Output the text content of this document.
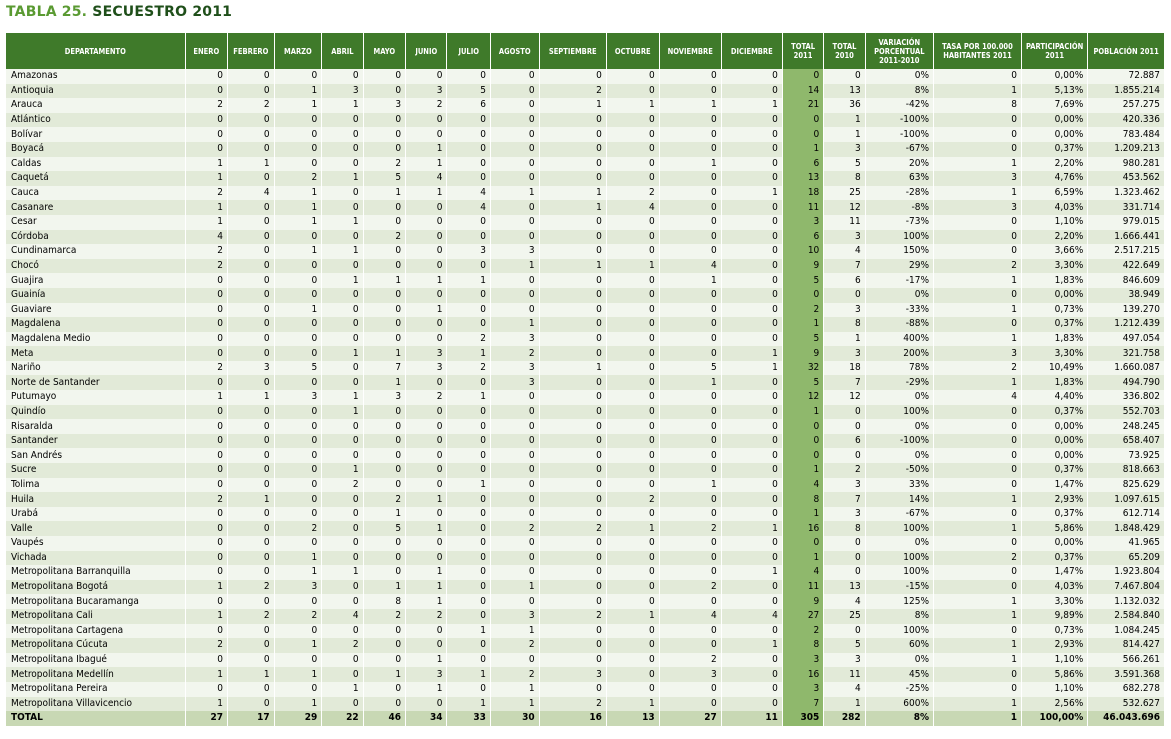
TABLA 25. SECUESTRO 2011
DEPARTAMENTO	ENERO	FEBRERO	MARZO	ABRIL	MAYO	JUNIO	JULIO	AGOSTO	SEPTIEMBRE	OCTUBRE	NOVIEMBRE	DICIEMBRE	TOTAL 2011	TOTAL 2010	VARIACIÓN PORCENTUAL 2011-2010	TASA POR 100.000 HABITANTES 2011	PARTICIPACIÓN 2011	POBLACIÓN 2011
Amazonas	0	0	0	0	0	0	0	0	0	0	0	0	0	0	0%	0	0,00%	72.887
Antioquia	0	0	1	3	0	3	5	0	2	0	0	0	14	13	8%	1	5,13%	1.855.214
Arauca	2	2	1	1	3	2	6	0	1	1	1	1	21	36	-42%	8	7,69%	257.275
Atlántico	0	0	0	0	0	0	0	0	0	0	0	0	0	1	-100%	0	0,00%	420.336
Bolívar	0	0	0	0	0	0	0	0	0	0	0	0	0	1	-100%	0	0,00%	783.484
Boyacá	0	0	0	0	0	1	0	0	0	0	0	0	1	3	-67%	0	0,37%	1.209.213
Caldas	1	1	0	0	2	1	0	0	0	0	1	0	6	5	20%	1	2,20%	980.281
Caquetá	1	0	2	1	5	4	0	0	0	0	0	0	13	8	63%	3	4,76%	453.562
Cauca	2	4	1	0	1	1	4	1	1	2	0	1	18	25	-28%	1	6,59%	1.323.462
Casanare	1	0	1	0	0	0	4	0	1	4	0	0	11	12	-8%	3	4,03%	331.714
Cesar	1	0	1	1	0	0	0	0	0	0	0	0	3	11	-73%	0	1,10%	979.015
Córdoba	4	0	0	0	2	0	0	0	0	0	0	0	6	3	100%	0	2,20%	1.666.441
Cundinamarca	2	0	1	1	0	0	3	3	0	0	0	0	10	4	150%	0	3,66%	2.517.215
Chocó	2	0	0	0	0	0	0	1	1	1	4	0	9	7	29%	2	3,30%	422.649
Guajira	0	0	0	1	1	1	1	0	0	0	1	0	5	6	-17%	1	1,83%	846.609
Guainía	0	0	0	0	0	0	0	0	0	0	0	0	0	0	0%	0	0,00%	38.949
Guaviare	0	0	1	0	0	1	0	0	0	0	0	0	2	3	-33%	1	0,73%	139.270
Magdalena	0	0	0	0	0	0	0	1	0	0	0	0	1	8	-88%	0	0,37%	1.212.439
Magdalena Medio	0	0	0	0	0	0	2	3	0	0	0	0	5	1	400%	1	1,83%	497.054
Meta	0	0	0	1	1	3	1	2	0	0	0	1	9	3	200%	3	3,30%	321.758
Nariño	2	3	5	0	7	3	2	3	1	0	5	1	32	18	78%	2	10,49%	1.660.087
Norte de Santander	0	0	0	0	1	0	0	3	0	0	1	0	5	7	-29%	1	1,83%	494.790
Putumayo	1	1	3	1	3	2	1	0	0	0	0	0	12	12	0%	4	4,40%	336.802
Quindío	0	0	0	1	0	0	0	0	0	0	0	0	1	0	100%	0	0,37%	552.703
Risaralda	0	0	0	0	0	0	0	0	0	0	0	0	0	0	0%	0	0,00%	248.245
Santander	0	0	0	0	0	0	0	0	0	0	0	0	0	6	-100%	0	0,00%	658.407
San Andrés	0	0	0	0	0	0	0	0	0	0	0	0	0	0	0%	0	0,00%	73.925
Sucre	0	0	0	1	0	0	0	0	0	0	0	0	1	2	-50%	0	0,37%	818.663
Tolima	0	0	0	2	0	0	1	0	0	0	1	0	4	3	33%	0	1,47%	825.629
Huila	2	1	0	0	2	1	0	0	0	2	0	0	8	7	14%	1	2,93%	1.097.615
Urabá	0	0	0	0	1	0	0	0	0	0	0	0	1	3	-67%	0	0,37%	612.714
Valle	0	0	2	0	5	1	0	2	2	1	2	1	16	8	100%	1	5,86%	1.848.429
Vaupés	0	0	0	0	0	0	0	0	0	0	0	0	0	0	0%	0	0,00%	41.965
Vichada	0	0	1	0	0	0	0	0	0	0	0	0	1	0	100%	2	0,37%	65.209
Metropolitana Barranquilla	0	0	1	1	0	1	0	0	0	0	0	1	4	0	100%	0	1,47%	1.923.804
Metropolitana Bogotá	1	2	3	0	1	1	0	1	0	0	2	0	11	13	-15%	0	4,03%	7.467.804
Metropolitana Bucaramanga	0	0	0	0	8	1	0	0	0	0	0	0	9	4	125%	1	3,30%	1.132.032
Metropolitana Cali	1	2	2	4	2	2	0	3	2	1	4	4	27	25	8%	1	9,89%	2.584.840
Metropolitana Cartagena	0	0	0	0	0	0	1	1	0	0	0	0	2	0	100%	0	0,73%	1.084.245
Metropolitana Cúcuta	2	0	1	2	0	0	0	2	0	0	0	1	8	5	60%	1	2,93%	814.427
Metropolitana Ibagué	0	0	0	0	0	1	0	0	0	0	2	0	3	3	0%	1	1,10%	566.261
Metropolitana Medellín	1	1	1	0	1	3	1	2	3	0	3	0	16	11	45%	0	5,86%	3.591.368
Metropolitana Pereira	0	0	0	1	0	1	0	1	0	0	0	0	3	4	-25%	0	1,10%	682.278
Metropolitana Villavicencio	1	0	1	0	0	0	1	1	2	1	0	0	7	1	600%	1	2,56%	532.627
TOTAL	27	17	29	22	46	34	33	30	16	13	27	11	305	282	8%	1	100,00%	46.043.696
